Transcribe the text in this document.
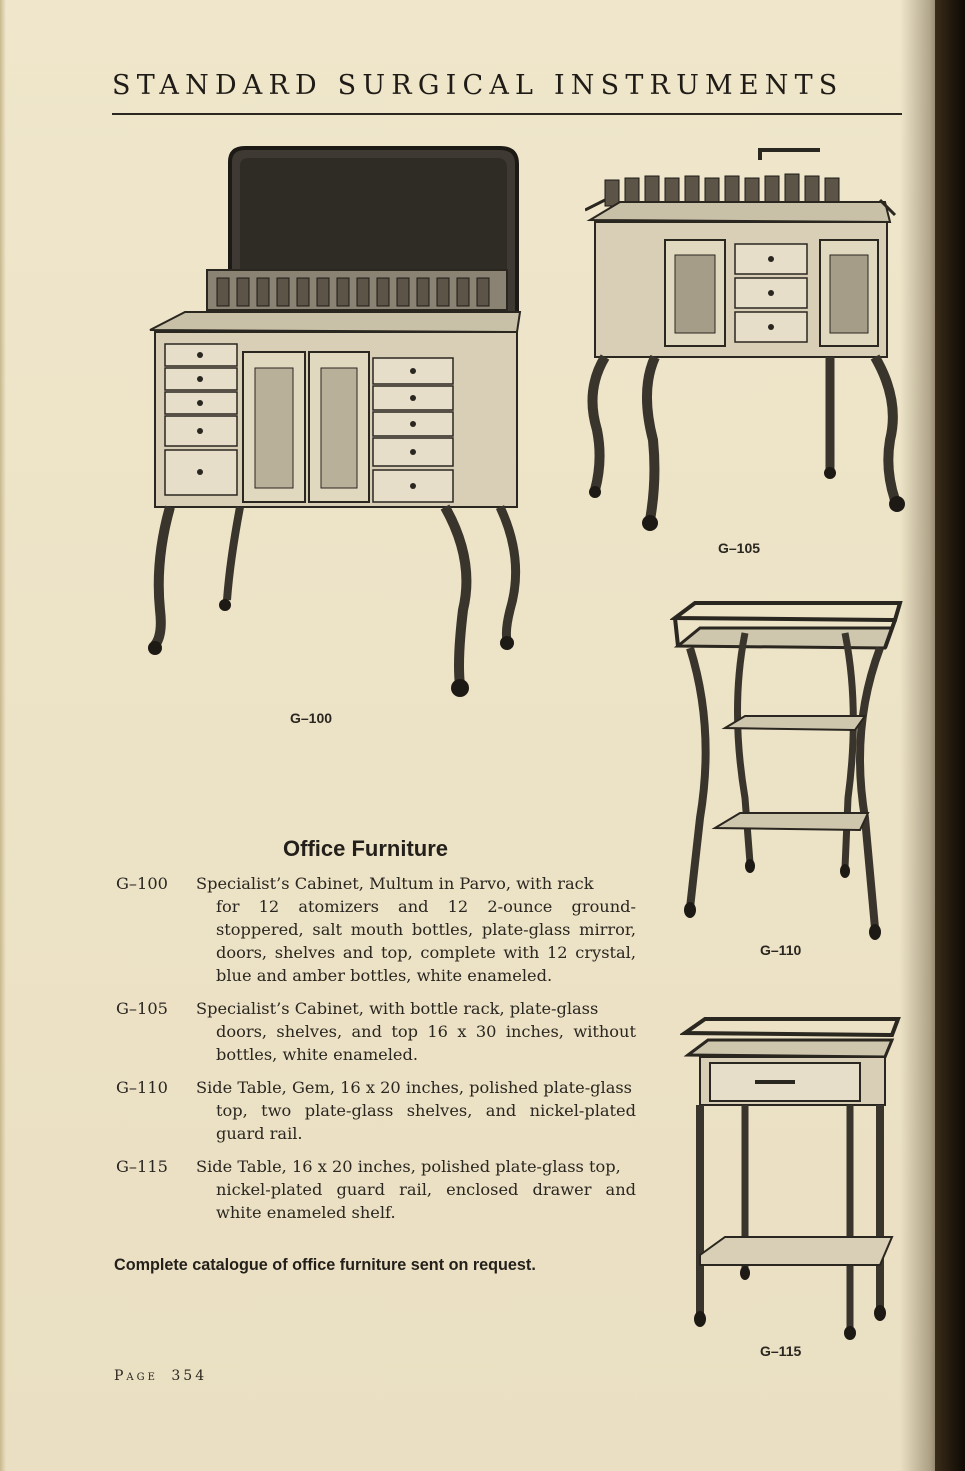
STANDARD SURGICAL INSTRUMENTS
G–100
G–105
G–110
G–115
Office Furniture
G–100	Specialist’s Cabinet, Multum in Parvo, with rack
for 12 atomizers and 12 2-ounce ground-stoppered, salt mouth bottles, plate-glass mirror, doors, shelves and top, complete with 12 crystal, blue and amber bottles, white enameled.
G–105	Specialist’s Cabinet, with bottle rack, plate-glass
doors, shelves, and top 16 x 30 inches, without bottles, white enameled.
G–110	Side Table, Gem, 16 x 20 inches, polished plate-glass
top, two plate-glass shelves, and nickel-plated guard rail.
G–115	Side Table, 16 x 20 inches, polished plate-glass top,
nickel-plated guard rail, enclosed drawer and white enameled shelf.
Complete catalogue of office furniture sent on request.
Page 354
